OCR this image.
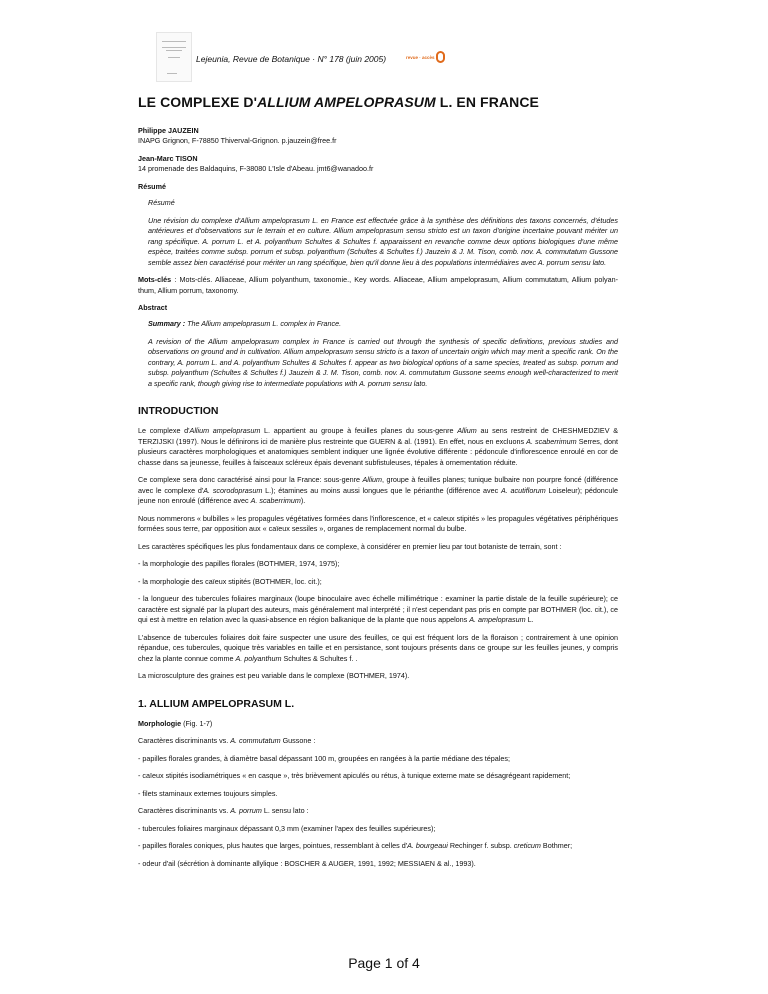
Lejeunia, Revue de Botanique · N° 178 (juin 2005)	revue · accès
LE COMPLEXE D'ALLIUM AMPELOPRASUM L. EN FRANCE
Philippe JAUZEIN
INAPG Grignon, F-78850 Thiverval-Grignon. p.jauzein@free.fr
Jean-Marc TISON
14 promenade des Baldaquins, F-38080 L'Isle d'Abeau. jmt6@wanadoo.fr
Résumé
Résumé
Une révision du complexe d'Allium ampeloprasum L. en France est effectuée grâce à la synthèse des définitions des taxons concernés, d'études antérieures et d'observations sur le terrain et en culture. Allium ampeloprasum sensu stricto est un taxon d'origine incertaine pouvant mériter un rang spécifique. A. porrum L. et A. polyanthum Schultes & Schultes f. apparaissent en revanche comme deux options biologiques d'une même espèce, traitées comme subsp. porrum et subsp. polyanthum (Schultes & Schultes f.) Jauzein & J. M. Tison, comb. nov. A. commutatum Gussone semble assez bien caractérisé pour mériter un rang spécifique, bien qu'il donne lieu à des populations intermédiaires avec A. porrum sensu lato.

Mots-clés : Mots-clés. Alliaceae, Allium polyanthum, taxonomie., Key words. Alliaceae, Allium ampeloprasum, Allium commutatum, Allium polyan-thum, Allium porrum, taxonomy.

Abstract
Summary : The Allium ampeloprasum L. complex in France.
A revision of the Allium ampeloprasum complex in France is carried out through the synthesis of specific definitions, previous studies and observations on ground and in cultivation. Allium ampeloprasum sensu stricto is a taxon of uncertain origin which may merit a specific rank. On the contrary, A. porrum L. and A. polyanthum Schultes & Schultes f. appear as two biological options of a same species, treated as subsp. porrum and subsp. polyanthum (Schultes & Schultes f.) Jauzein & J. M. Tison, comb. nov. A. commutatum Gussone seems enough well-characterized to merit a specific rank, though giving rise to intermediate populations with A. porrum sensu lato.
INTRODUCTION

Le complexe d'Allium ampeloprasum L. appartient au groupe à feuilles planes du sous-genre Allium au sens restreint de CHESHMEDZIEV & TERZIJSKI (1997). Nous le définirons ici de manière plus restreinte que GUERN & al. (1991). En effet, nous en excluons A. scaberrimum Serres, dont plusieurs caractères morphologiques et anatomiques semblent indiquer une lignée évolutive différente : pédoncule d'inflorescence enroulé en cor de chasse dans sa jeunesse, feuilles à faisceaux scléreux épais devenant subfistuleuses, tépales à ornementation réduite.

Ce complexe sera donc caractérisé ainsi pour la France: sous-genre Allium, groupe à feuilles planes; tunique bulbaire non pourpre foncé (différence avec le complexe d'A. scorodoprasum L.); étamines au moins aussi longues que le périanthe (différence avec A. acutiflorum Loiseleur); pédoncule jeune non enroulé (différence avec A. scaberrimum).

Nous nommerons « bulbilles » les propagules végétatives formées dans l'inflorescence, et « caïeux stipités » les propagules végétatives périphériques formées sous terre, par opposition aux « caïeux sessiles », organes de remplacement normal du bulbe.

Les caractères spécifiques les plus fondamentaux dans ce complexe, à considérer en premier lieu par tout botaniste de terrain, sont :

- la morphologie des papilles florales (BOTHMER, 1974, 1975);

- la morphologie des caïeux stipités (BOTHMER, loc. cit.);

- la longueur des tubercules foliaires marginaux (loupe binoculaire avec échelle millimétrique : examiner la partie distale de la feuille supérieure); ce caractère est signalé par la plupart des auteurs, mais généralement mal interprété ; il n'est cependant pas pris en compte par BOTHMER (loc. cit.), ce qui est à mettre en relation avec la quasi-absence en région balkanique de la plante que nous appelons A. ampeloprasum L.

L'absence de tubercules foliaires doit faire suspecter une usure des feuilles, ce qui est fréquent lors de la floraison ; contrairement à une opinion répandue, ces tubercules, quoique très variables en taille et en persistance, sont toujours présents dans ce groupe sur les feuilles jeunes, y compris chez la plante connue comme A. polyanthum Schultes & Schultes f. .

La microsculpture des graines est peu variable dans le complexe (BOTHMER, 1974).

1. ALLIUM AMPELOPRASUM L.

Morphologie (Fig. 1-7)

Caractères discriminants vs. A. commutatum Gussone :

- papilles florales grandes, à diamètre basal dépassant 100 m, groupées en rangées à la partie médiane des tépales;

- caïeux stipités isodiamétriques « en casque », très brièvement apiculés ou rétus, à tunique externe mate se désagrégeant rapidement;

- filets staminaux externes toujours simples.

Caractères discriminants vs. A. porrum L. sensu lato :

- tubercules foliaires marginaux dépassant 0,3 mm (examiner l'apex des feuilles supérieures);

- papilles florales coniques, plus hautes que larges, pointues, ressemblant à celles d'A. bourgeaui Rechinger f. subsp. creticum Bothmer;

- odeur d'ail (sécrétion à dominante allylique : BOSCHER & AUGER, 1991, 1992; MESSIAEN & al., 1993).

Page 1 of 4
